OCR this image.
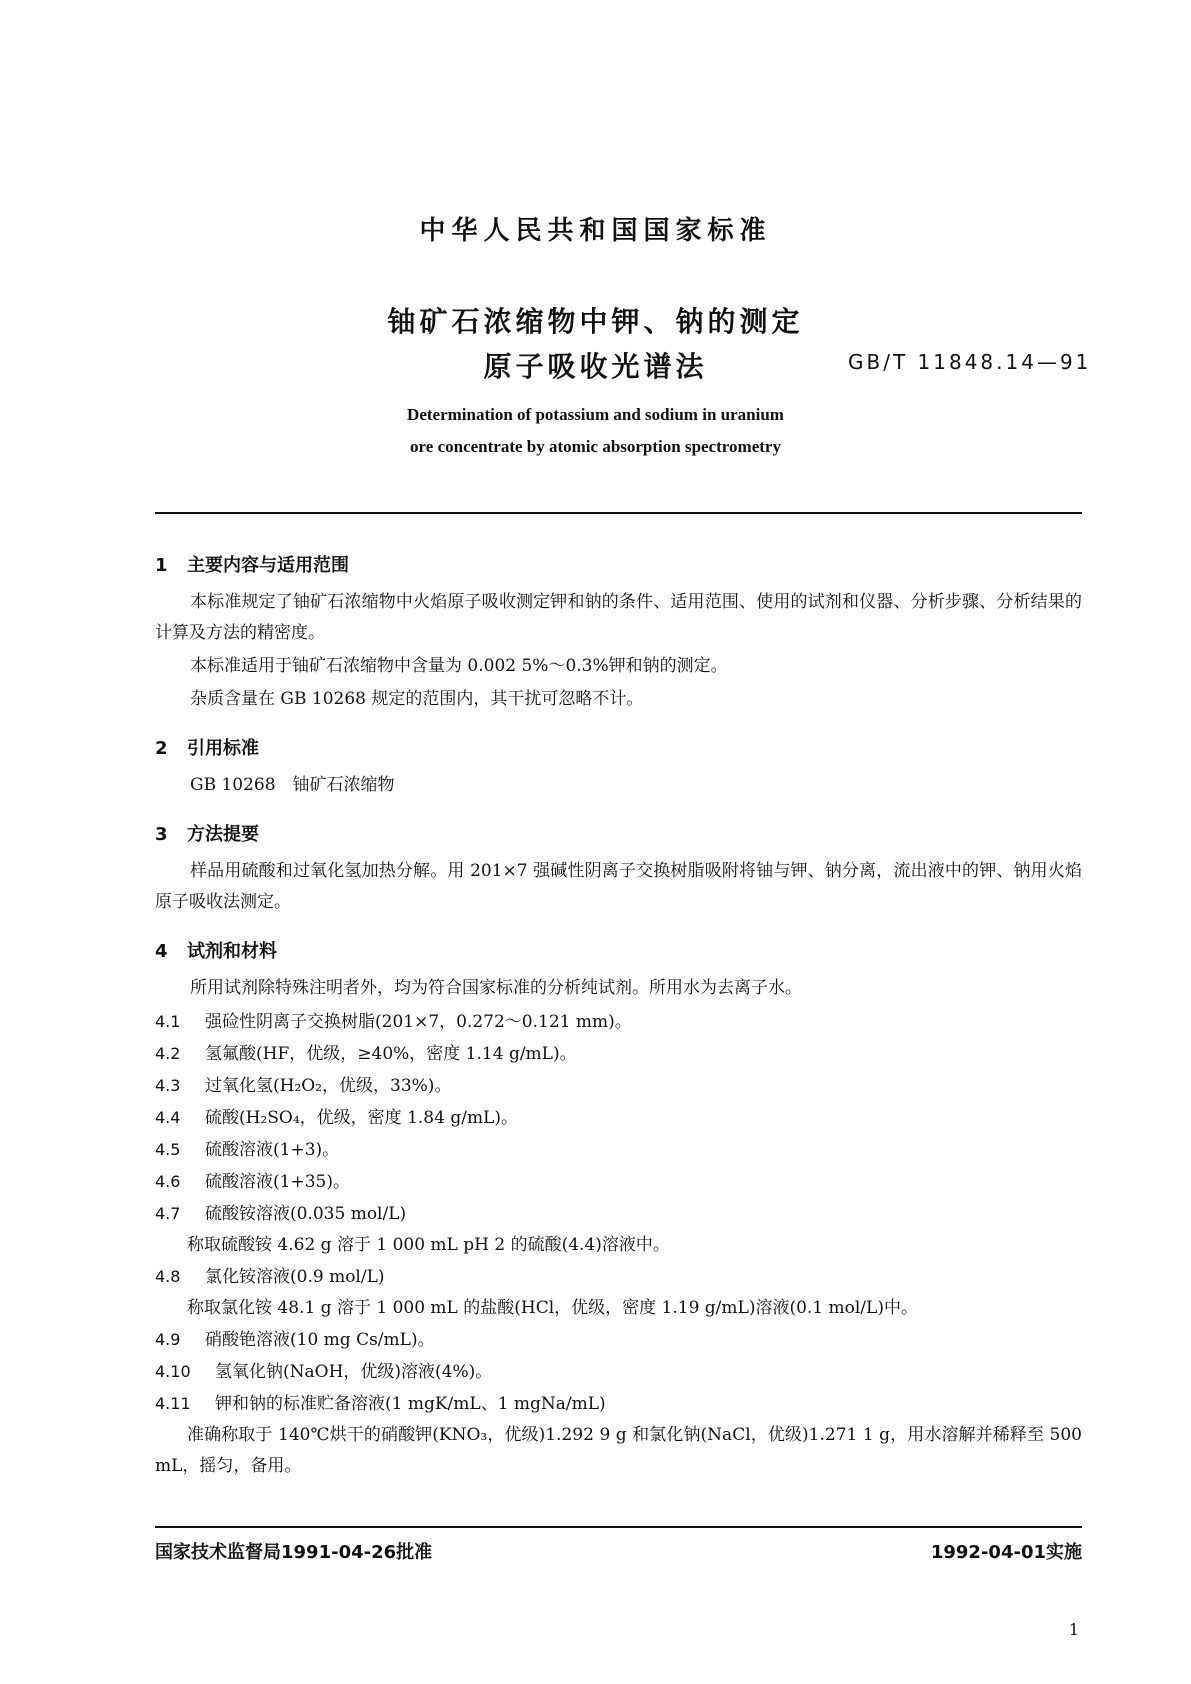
中华人民共和国国家标准
铀矿石浓缩物中钾、钠的测定
原子吸收光谱法	GB/T 11848.14—91
Determination of potassium and sodium in uranium
ore concentrate by atomic absorption spectrometry
1 主要内容与适用范围
本标准规定了铀矿石浓缩物中火焰原子吸收测定钾和钠的条件、适用范围、使用的试剂和仪器、分析步骤、分析结果的计算及方法的精密度。
本标准适用于铀矿石浓缩物中含量为 0.002 5%～0.3%钾和钠的测定。
杂质含量在 GB 10268 规定的范围内，其干扰可忽略不计。
2 引用标准
GB 10268　铀矿石浓缩物
3 方法提要
样品用硫酸和过氧化氢加热分解。用 201×7 强碱性阴离子交换树脂吸附将铀与钾、钠分离，流出液中的钾、钠用火焰原子吸收法测定。
4 试剂和材料
所用试剂除特殊注明者外，均为符合国家标准的分析纯试剂。所用水为去离子水。
4.1 强硷性阴离子交换树脂(201×7，0.272～0.121 mm)。
4.2 氢氟酸(HF，优级，≥40%，密度 1.14 g/mL)。
4.3 过氧化氢(H₂O₂，优级，33%)。
4.4 硫酸(H₂SO₄，优级，密度 1.84 g/mL)。
4.5 硫酸溶液(1+3)。
4.6 硫酸溶液(1+35)。
4.7 硫酸铵溶液(0.035 mol/L)
称取硫酸铵 4.62 g 溶于 1 000 mL pH 2 的硫酸(4.4)溶液中。
4.8 氯化铵溶液(0.9 mol/L)
称取氯化铵 48.1 g 溶于 1 000 mL 的盐酸(HCl，优级，密度 1.19 g/mL)溶液(0.1 mol/L)中。
4.9 硝酸铯溶液(10 mg Cs/mL)。
4.10 氢氧化钠(NaOH，优级)溶液(4%)。
4.11 钾和钠的标准贮备溶液(1 mgK/mL、1 mgNa/mL)
准确称取于 140℃烘干的硝酸钾(KNO₃，优级)1.292 9 g 和氯化钠(NaCl，优级)1.271 1 g，用水溶解并稀释至 500 mL，摇匀，备用。
国家技术监督局1991-04-26批准	1992-04-01实施
1
